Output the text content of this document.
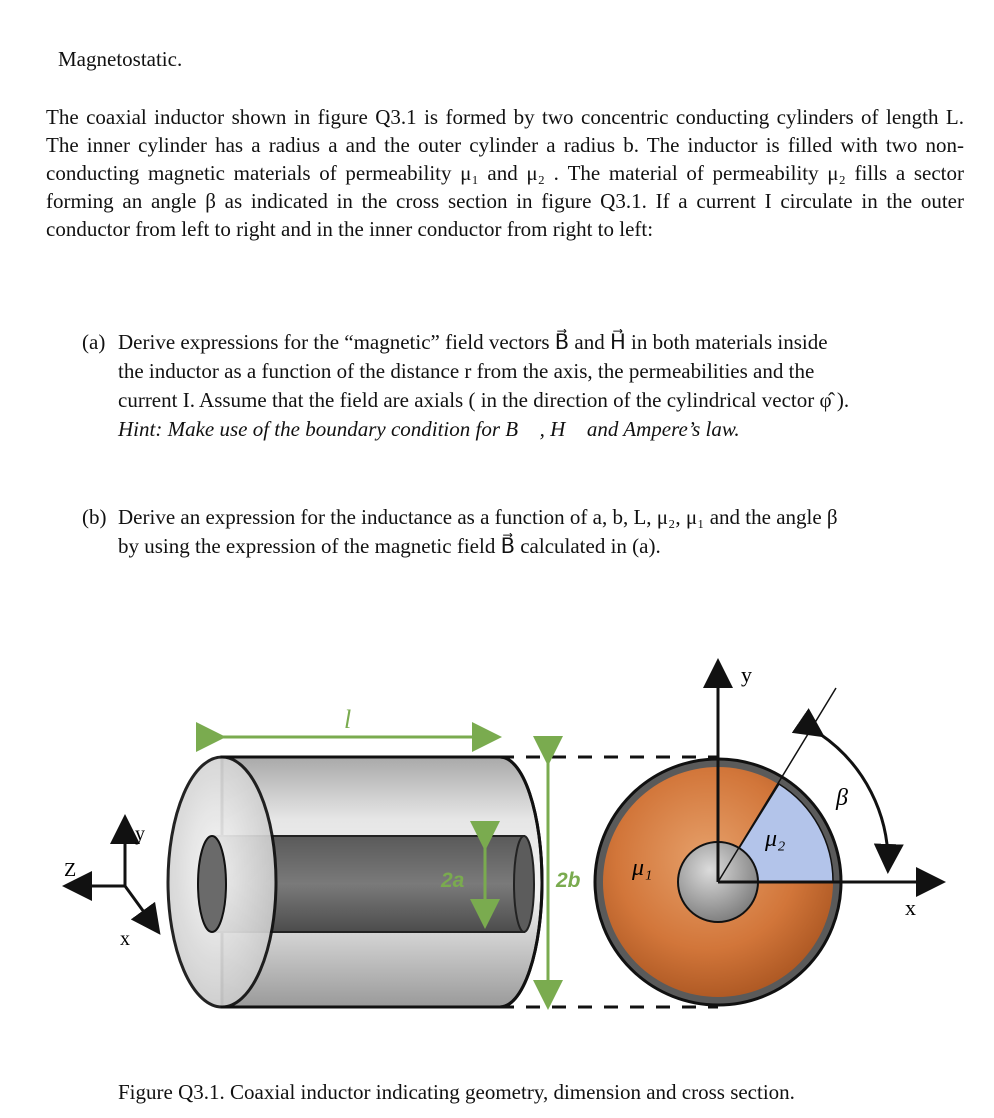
Magnetostatic.
The coaxial inductor shown in figure Q3.1 is formed by two concentric conducting cylinders of length L. The inner cylinder has a radius a and the outer cylinder a radius b. The inductor is filled with two non-conducting magnetic materials of permeability μ₁ and μ₂ . The material of permeability μ₂ fills a sector forming an angle β as indicated in the cross section in figure Q3.1. If a current I circulate in the outer conductor from left to right and in the inner conductor from right to left:
(a) Derive expressions for the “magnetic” field vectors B⃗ and H⃗ in both materials inside
the inductor as a function of the distance r from the axis, the permeabilities and the
current I. Assume that the field are axials ( in the direction of the cylindrical vector φ̂ ).
Hint: Make use of the boundary condition for B⃗ , H⃗ and Ampere’s law.
(b) Derive an expression for the inductance as a function of a, b, L, μ₂, μ₁ and the angle β
by using the expression of the magnetic field B⃗ calculated in (a).
y
Z
x
l
2a	2b
y
x
μ₁
μ₂
β
Figure Q3.1. Coaxial inductor indicating geometry, dimension and cross section.
